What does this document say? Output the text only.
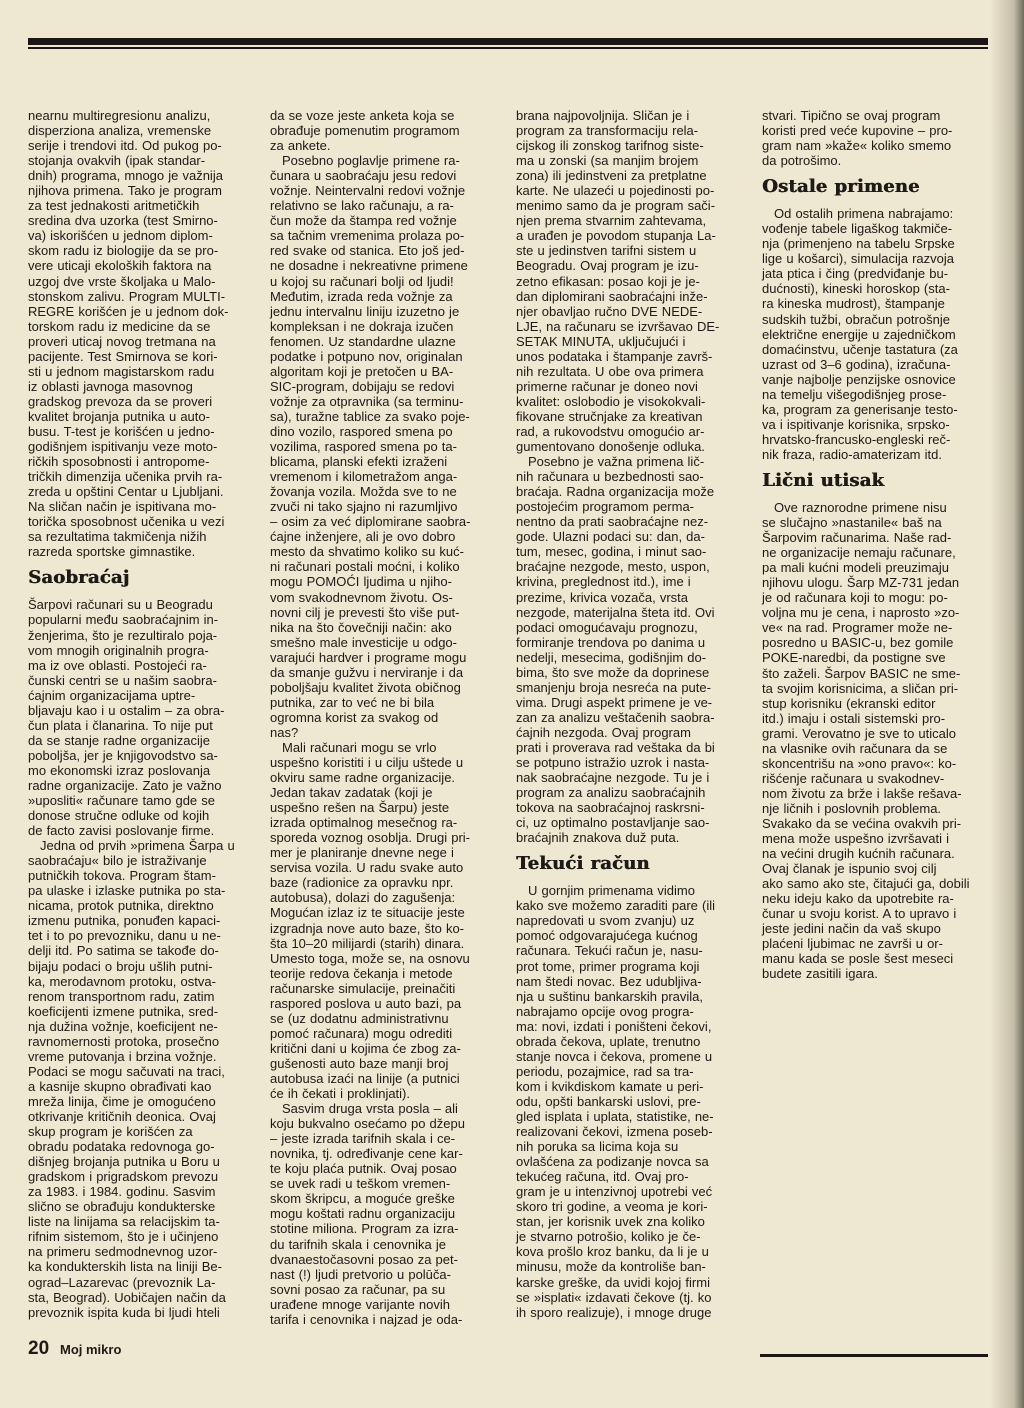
nearnu multiregresionu analizu,
disperziona analiza, vremenske
serije i trendovi itd. Od pukog po-
stojanja ovakvih (ipak standar-
dnih) programa, mnogo je važnija
njihova primena. Tako je program
za test jednakosti aritmetičkih
sredina dva uzorka (test Smirno-
va) iskorišćen u jednom diplom-
skom radu iz biologije da se pro-
vere uticaji ekoloških faktora na
uzgoj dve vrste školjaka u Malo-
stonskom zalivu. Program MULTI-
REGRE korišćen je u jednom dok-
torskom radu iz medicine da se
proveri uticaj novog tretmana na
pacijente. Test Smirnova se kori-
sti u jednom magistarskom radu
iz oblasti javnoga masovnog
gradskog prevoza da se proveri
kvalitet brojanja putnika u auto-
busu. T-test je korišćen u jedno-
godišnjem ispitivanju veze moto-
ričkih sposobnosti i antropome-
tričkih dimenzija učenika prvih ra-
zreda u opštini Centar u Ljubljani.
Na sličan način je ispitivana mo-
torička sposobnost učenika u vezi
sa rezultatima takmičenja nižih
razreda sportske gimnastike.

Saobraćaj

Šarpovi računari su u Beogradu
popularni među saobraćajnim in-
ženjerima, što je rezultiralo poja-
vom mnogih originalnih progra-
ma iz ove oblasti. Postojeći ra-
čunski centri se u našim saobra-
ćajnim organizacijama uptre-
bljavaju kao i u ostalim – za obra-
čun plata i članarina. To nije put
da se stanje radne organizacije
poboljša, jer je knjigovodstvo sa-
mo ekonomski izraz poslovanja
radne organizacije. Zato je važno
»uposliti« računare tamo gde se
donose stručne odluke od kojih
de facto zavisi poslovanje firme.

Jedna od prvih »primena Šarpa u
saobraćaju« bilo je istraživanje
putničkih tokova. Program štam-
pa ulaske i izlaske putnika po sta-
nicama, protok putnika, direktno
izmenu putnika, ponuđen kapaci-
tet i to po prevozniku, danu u ne-
delji itd. Po satima se takođe do-
bijaju podaci o broju ušlih putni-
ka, merodavnom protoku, ostva-
renom transportnom radu, zatim
koeficijenti izmene putnika, sred-
nja dužina vožnje, koeficijent ne-
ravnomernosti protoka, prosečno
vreme putovanja i brzina vožnje.
Podaci se mogu sačuvati na traci,
a kasnije skupno obrađivati kao
mreža linija, čime je omogućeno
otkrivanje kritičnih deonica. Ovaj
skup program je korišćen za
obradu podataka redovnoga go-
dišnjeg brojanja putnika u Boru u
gradskom i prigradskom prevozu
za 1983. i 1984. godinu. Sasvim
slično se obrađuju kondukterske
liste na linijama sa relacijskim ta-
rifnim sistemom, što je i učinjeno
na primeru sedmodnevnog uzor-
ka kondukterskih lista na liniji Be-
ograd–Lazarevac (prevoznik La-
sta, Beograd). Uobičajen način da
prevoznik ispita kuda bi ljudi hteli

da se voze jeste anketa koja se
obrađuje pomenutim programom
za ankete.

Posebno poglavlje primene ra-
čunara u saobraćaju jesu redovi
vožnje. Neintervalni redovi vožnje
relativno se lako računaju, a ra-
čun može da štampa red vožnje
sa tačnim vremenima prolaza po-
red svake od stanica. Eto još jed-
ne dosadne i nekreativne primene
u kojoj su računari bolji od ljudi!
Međutim, izrada reda vožnje za
jednu intervalnu liniju izuzetno je
kompleksan i ne dokraja izučen
fenomen. Uz standardne ulazne
podatke i potpuno nov, originalan
algoritam koji je pretočen u BA-
SIC-program, dobijaju se redovi
vožnje za otpravnika (sa terminu-
sa), turažne tablice za svako poje-
dino vozilo, raspored smena po
vozilima, raspored smena po ta-
blicama, planski efekti izraženi
vremenom i kilometražom anga-
žovanja vozila. Možda sve to ne
zvuči ni tako sjajno ni razumljivo
– osim za već diplomirane saobra-
ćajne inženjere, ali je ovo dobro
mesto da shvatimo koliko su kuć-
ni računari postali moćni, i koliko
mogu POMOĆI ljudima u njiho-
vom svakodnevnom životu. Os-
novni cilj je prevesti što više put-
nika na što čovečniji način: ako
smešno male investicije u odgo-
varajući hardver i programe mogu
da smanje gužvu i nerviranje i da
poboljšaju kvalitet života običnog
putnika, zar to već ne bi bila
ogromna korist za svakog od
nas?

Mali računari mogu se vrlo
uspešno koristiti i u cilju uštede u
okviru same radne organizacije.
Jedan takav zadatak (koji je
uspešno rešen na Šarpu) jeste
izrada optimalnog mesečnog ra-
sporeda voznog osoblja. Drugi pri-
mer je planiranje dnevne nege i
servisa vozila. U radu svake auto
baze (radionice za opravku npr.
autobusa), dolazi do zagušenja:
Mogućan izlaz iz te situacije jeste
izgradnja nove auto baze, što ko-
šta 10–20 milijardi (starih) dinara.
Umesto toga, može se, na osnovu
teorije redova čekanja i metode
računarske simulacije, preinačiti
raspored poslova u auto bazi, pa
se (uz dodatnu administrativnu
pomoć računara) mogu odrediti
kritični dani u kojima će zbog za-
gušenosti auto baze manji broj
autobusa izaći na linije (a putnici
će ih čekati i proklinjati).

Sasvim druga vrsta posla – ali
koju bukvalno osećamo po džepu
– jeste izrada tarifnih skala i ce-
novnika, tj. određivanje cene kar-
te koju plaća putnik. Ovaj posao
se uvek radi u teškom vremen-
skom škripcu, a moguće greške
mogu koštati radnu organizaciju
stotine miliona. Program za izra-
du tarifnih skala i cenovnika je
dvanaestočasovni posao za pet-
nast (!) ljudi pretvorio u polūča-
sovni posao za računar, pa su
urađene mnoge varijante novih
tarifa i cenovnika i najzad je oda-

brana najpovoljnija. Sličan je i
program za transformaciju rela-
cijskog ili zonskog tarifnog siste-
ma u zonski (sa manjim brojem
zona) ili jedinstveni za pretplatne
karte. Ne ulazeći u pojedinosti po-
menimo samo da je program sači-
njen prema stvarnim zahtevama,
a urađen je povodom stupanja La-
ste u jedinstven tarifni sistem u
Beogradu. Ovaj program je izu-
zetno efikasan: posao koji je je-
dan diplomirani saobraćajni inže-
njer obavljao ručno DVE NEDE-
LJE, na računaru se izvršavao DE-
SETAK MINUTA, uključujući i
unos podataka i štampanje završ-
nih rezultata. U obe ova primera
primerne računar je doneo novi
kvalitet: oslobodio je visokokvali-
fikovane stručnjake za kreativan
rad, a rukovodstvu omogućio ar-
gumentovano donošenje odluka.

Posebno je važna primena lič-
nih računara u bezbednosti sao-
braćaja. Radna organizacija može
postojećim programom perma-
nentno da prati saobraćajne nez-
gode. Ulazni podaci su: dan, da-
tum, mesec, godina, i minut sao-
braćajne nezgode, mesto, uspon,
krivina, preglednost itd.), ime i
prezime, krivica vozača, vrsta
nezgode, materijalna šteta itd. Ovi
podaci omogućavaju prognozu,
formiranje trendova po danima u
nedelji, mesecima, godišnjim do-
bima, što sve može da doprinese
smanjenju broja nesreća na pute-
vima. Drugi aspekt primene je ve-
zan za analizu veštačenih saobra-
ćajnih nezgoda. Ovaj program
prati i proverava rad veštaka da bi
se potpuno istražio uzrok i nasta-
nak saobraćajne nezgode. Tu je i
program za analizu saobraćajnih
tokova na saobraćajnoj raskrsni-
ci, uz optimalno postavljanje sao-
braćajnih znakova duž puta.

Tekući račun

U gornjim primenama vidimo
kako sve možemo zaraditi pare (ili
napredovati u svom zvanju) uz
pomoć odgovarajućega kućnog
računara. Tekući račun je, nasu-
prot tome, primer programa koji
nam štedi novac. Bez udubljiva-
nja u suštinu bankarskih pravila,
nabrajamo opcije ovog progra-
ma: novi, izdati i poništeni čekovi,
obrada čekova, uplate, trenutno
stanje novca i čekova, promene u
periodu, pozajmice, rad sa tra-
kom i kvikdiskom kamate u peri-
odu, opšti bankarski uslovi, pre-
gled isplata i uplata, statistike, ne-
realizovani čekovi, izmena poseb-
nih poruka sa licima koja su
ovlašćena za podizanje novca sa
tekućeg računa, itd. Ovaj pro-
gram je u intenzivnoj upotrebi već
skoro tri godine, a veoma je kori-
stan, jer korisnik uvek zna koliko
je stvarno potrošio, koliko je če-
kova prošlo kroz banku, da li je u
minusu, može da kontroliše ban-
karske greške, da uvidi kojoj firmi
se »isplati« izdavati čekove (tj. ko
ih sporo realizuje), i mnoge druge

stvari. Tipično se ovaj program
koristi pred veće kupovine – pro-
gram nam »kaže« koliko smemo
da potrošimo.

Ostale primene

Od ostalih primena nabrajamo:
vođenje tabele ligaškog takmiče-
nja (primenjeno na tabelu Srpske
lige u košarci), simulacija razvoja
jata ptica i čing (predviđanje bu-
dućnosti), kineski horoskop (sta-
ra kineska mudrost), štampanje
sudskih tužbi, obračun potrošnje
električne energije u zajedničkom
domaćinstvu, učenje tastatura (za
uzrast od 3–6 godina), izračuna-
vanje najbolje penzijske osnovice
na temelju višegodišnjeg prose-
ka, program za generisanje testo-
va i ispitivanje korisnika, srpsko-
hrvatsko-francusko-engleski reč-
nik fraza, radio-amaterizam itd.

Lični utisak

Ove raznorodne primene nisu
se slučajno »nastanile« baš na
Šarpovim računarima. Naše rad-
ne organizacije nemaju računare,
pa mali kućni modeli preuzimaju
njihovu ulogu. Šarp MZ-731 jedan
je od računara koji to mogu: po-
voljna mu je cena, i naprosto »zo-
ve« na rad. Programer može ne-
posredno u BASIC-u, bez gomile
POKE-naredbi, da postigne sve
što zaželi. Šarpov BASIC ne sme-
ta svojim korisnicima, a sličan pri-
stup korisniku (ekranski editor
itd.) imaju i ostali sistemski pro-
grami. Verovatno je sve to uticalo
na vlasnike ovih računara da se
skoncentrišu na »ono pravo«: ko-
rišćenje računara u svakodnev-
nom životu za brže i lakše rešava-
nje ličnih i poslovnih problema.
Svakako da se većina ovakvih pri-
mena može uspešno izvršavati i
na većini drugih kućnih računara.
Ovaj članak je ispunio svoj cilj
ako samo ako ste, čitajući ga, dobili
neku ideju kako da upotrebite ra-
čunar u svoju korist. A to upravo i
jeste jedini način da vaš skupo
plaćeni ljubimac ne završi u or-
manu kada se posle šest meseci
budete zasitili igara.

20 Moj mikro
